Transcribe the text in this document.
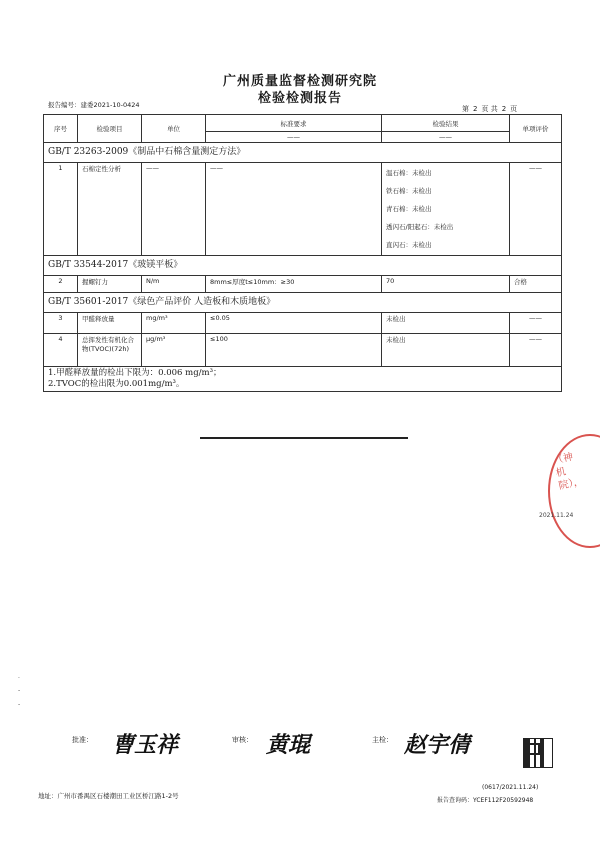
广州质量监督检测研究院
检验检测报告
报告编号：建委2021-10-0424	第 2 页 共 2 页
序号	检验项目	单位	标准要求	检验结果	单项评价
			——	——	
GB/T 23263-2009《制品中石棉含量测定方法》					
1	石棉定性分析	——	——	温石棉：未检出
铁石棉：未检出
青石棉：未检出
透闪石/阳起石：未检出
直闪石：未检出	——
GB/T 33544-2017《玻镁平板》					
2	握螺钉力	N/m	8mm≤厚度t≤10mm：≥30	70	合格
GB/T 35601-2017《绿色产品评价 人造板和木质地板》					
3	甲醛释放量	mg/m³	≤0.05	未检出	——
4	总挥发性有机化合物(TVOC)(72h)	μg/m³	≤100	未检出	——

1.甲醛释放量的检出下限为：0.006 mg/m³；
2.TVOC的检出限为0.001mg/m³。					
（神机院），
2021.11.24
.
-
-
批准： 曹玉祥	审核： 黄琨	主检： 赵宇倩
(0617/2021.11.24)
地址：广州市番禺区石楼潮田工业区桥江路1-2号
报告查询码：YCEF112F20592948
